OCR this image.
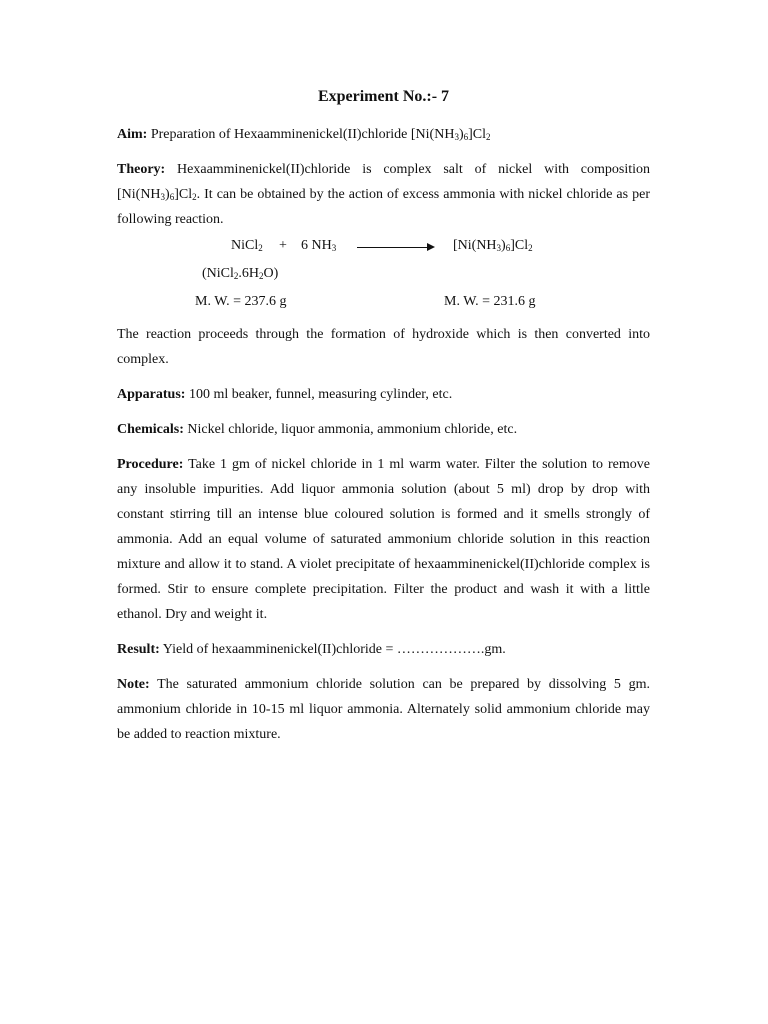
Experiment No.:- 7

Aim: Preparation of Hexaamminenickel(II)chloride $[Ni(NH_3)_6]Cl_2$

Theory: Hexaamminenickel(II)chloride is complex salt of nickel with composition $[Ni(NH_3)_6]Cl_2$. It can be obtained by the action of excess ammonia with nickel chloride as per following reaction.

NiCl$_2$ + 6 $NH_3$	$[Ni(NH_3)_6]Cl_2$
$(NiCl_2.6H_2O)$
M. W. = 237.6 g	M. W. = 231.6 g

The reaction proceeds through the formation of hydroxide which is then converted into complex.

Apparatus: 100 ml beaker, funnel, measuring cylinder, etc.

Chemicals: Nickel chloride, liquor ammonia, ammonium chloride, etc.

Procedure: Take 1 gm of nickel chloride in 1 ml warm water. Filter the solution to remove any insoluble impurities. Add liquor ammonia solution (about 5 ml) drop by drop with constant stirring till an intense blue coloured solution is formed and it smells strongly of ammonia. Add an equal volume of saturated ammonium chloride solution in this reaction mixture and allow it to stand. A violet precipitate of hexaamminenickel(II)chloride complex is formed. Stir to ensure complete precipitation. Filter the product and wash it with a little ethanol. Dry and weight it.

Result: Yield of hexaamminenickel(II)chloride = ……………….gm.

Note: The saturated ammonium chloride solution can be prepared by dissolving 5 gm. ammonium chloride in 10-15 ml liquor ammonia. Alternately solid ammonium chloride may be added to reaction mixture.
